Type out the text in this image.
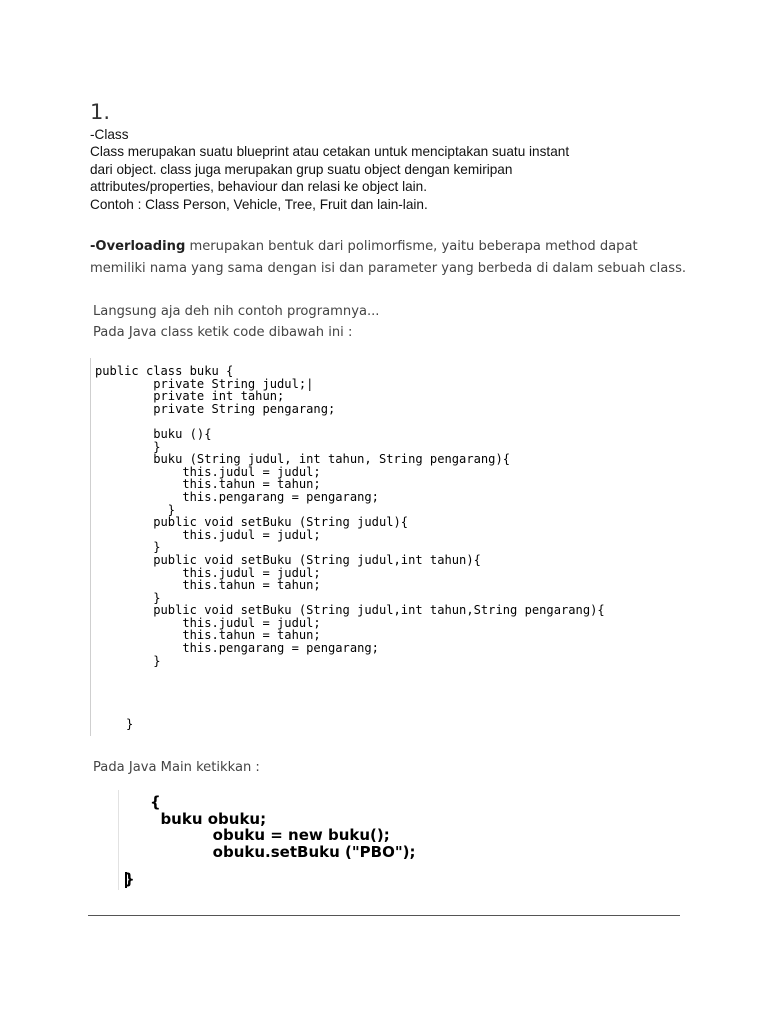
1.
-Class
Class merupakan suatu blueprint atau cetakan untuk menciptakan suatu instant
dari object. class juga merupakan grup suatu object dengan kemiripan
attributes/properties, behaviour dan relasi ke object lain.
Contoh : Class Person, Vehicle, Tree, Fruit dan lain-lain.
-Overloading merupakan bentuk dari polimorfisme, yaitu beberapa method dapat memiliki nama yang sama dengan isi dan parameter yang berbeda di dalam sebuah class.
Langsung aja deh nih contoh programnya...
Pada Java class ketik code dibawah ini :
public class buku {
private String judul;|
private int tahun;
private String pengarang;

buku (){
}
buku (String judul, int tahun, String pengarang){
this.judul = judul;
this.tahun = tahun;
this.pengarang = pengarang;
}
public void setBuku (String judul){
this.judul = judul;
}
public void setBuku (String judul,int tahun){
this.judul = judul;
this.tahun = tahun;
}
public void setBuku (String judul,int tahun,String pengarang){
this.judul = judul;
this.tahun = tahun;
this.pengarang = pengarang;
}
}
Pada Java Main ketikkan :
{
buku obuku;
obuku = new buku();
obuku.setBuku ("PBO");
}
